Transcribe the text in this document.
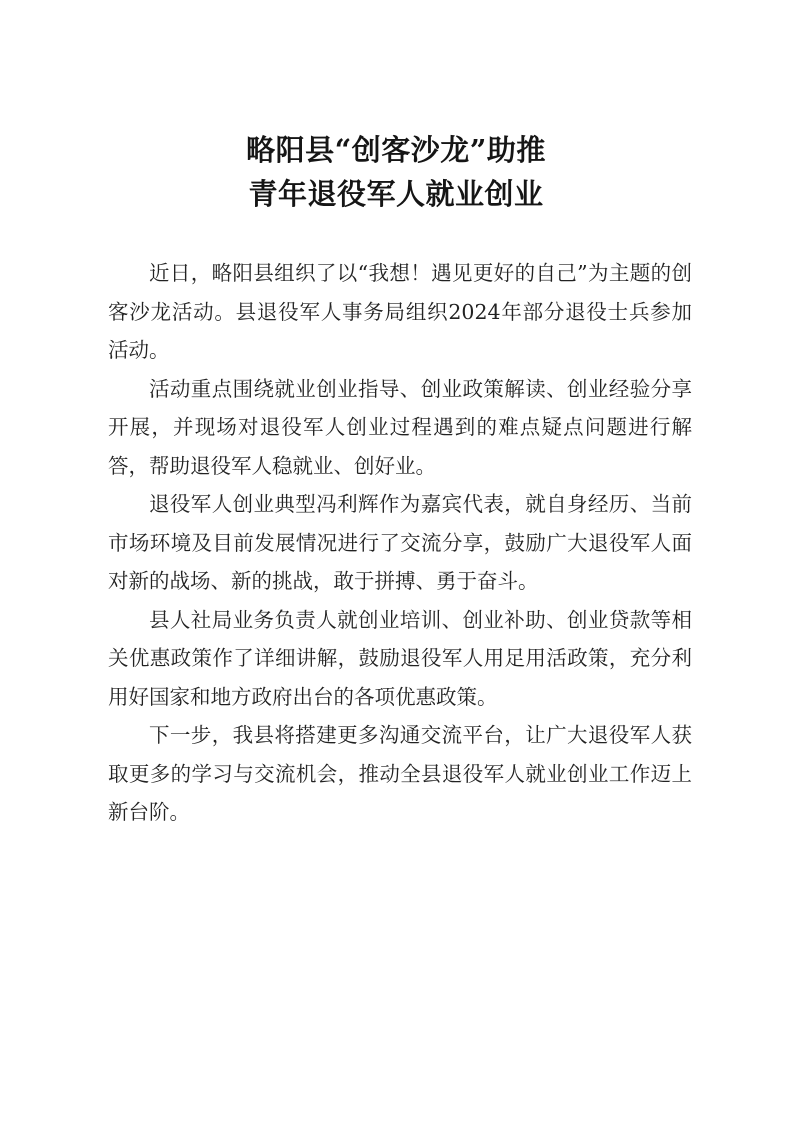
略阳县“创客沙龙”助推
青年退役军人就业创业

近日，略阳县组织了以“我想！遇见更好的自己”为主题的创客沙龙活动。县退役军人事务局组织2024年部分退役士兵参加活动。

活动重点围绕就业创业指导、创业政策解读、创业经验分享开展，并现场对退役军人创业过程遇到的难点疑点问题进行解答，帮助退役军人稳就业、创好业。

退役军人创业典型冯利辉作为嘉宾代表，就自身经历、当前市场环境及目前发展情况进行了交流分享，鼓励广大退役军人面对新的战场、新的挑战，敢于拼搏、勇于奋斗。

县人社局业务负责人就创业培训、创业补助、创业贷款等相关优惠政策作了详细讲解，鼓励退役军人用足用活政策，充分利用好国家和地方政府出台的各项优惠政策。

下一步，我县将搭建更多沟通交流平台，让广大退役军人获取更多的学习与交流机会，推动全县退役军人就业创业工作迈上新台阶。
